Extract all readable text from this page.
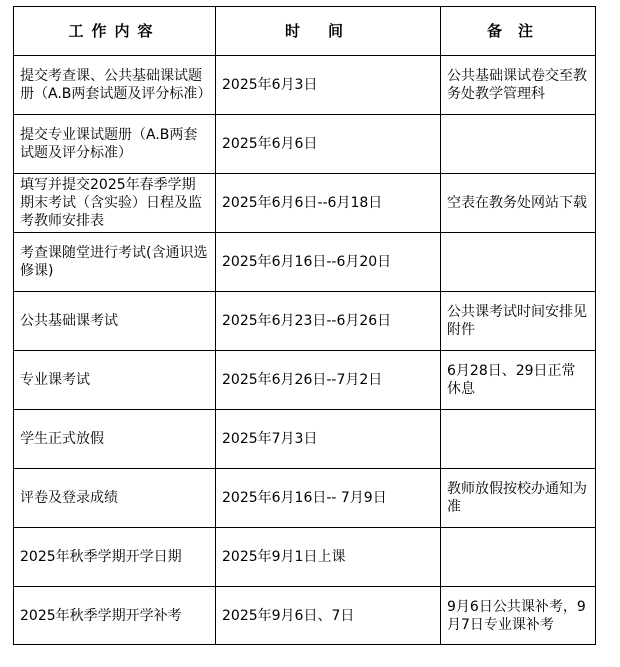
工作内容	时间	备注
提交考查课、公共基础课试题册（A.B两套试题及评分标准）	2025年6月3日	公共基础课试卷交至教务处教学管理科
提交专业课试题册（A.B两套试题及评分标准）	2025年6月6日	
填写并提交2025年春季学期期末考试（含实验）日程及监考教师安排表	2025年6月6日--6月18日	空表在教务处网站下载
考查课随堂进行考试(含通识选修课)	2025年6月16日--6月20日	
公共基础课考试	2025年6月23日--6月26日	公共课考试时间安排见附件
专业课考试	2025年6月26日--7月2日	6月28日、29日正常休息
学生正式放假	2025年7月3日	
评卷及登录成绩	2025年6月16日-- 7月9日	教师放假按校办通知为准
2025年秋季学期开学日期	2025年9月1日上课	
2025年秋季学期开学补考	2025年9月6日、7日	9月6日公共课补考，9月7日专业课补考
